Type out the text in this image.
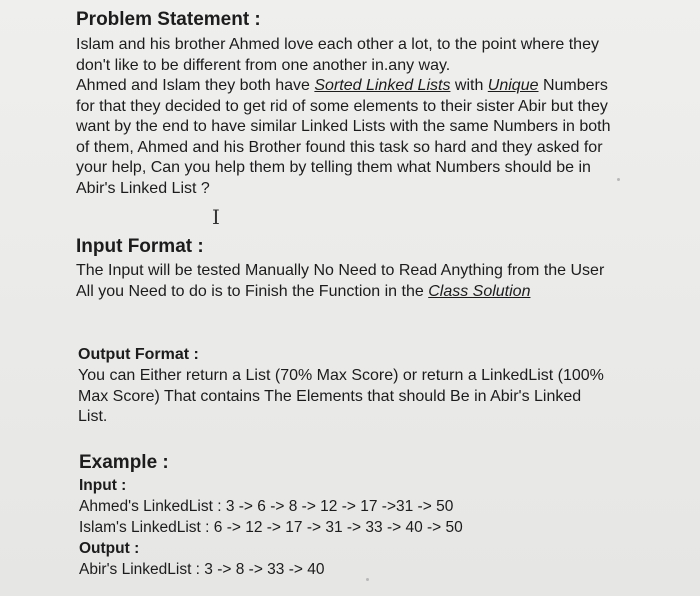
Problem Statement :

Islam and his brother Ahmed love each other a lot, to the point where they

don't like to be different from one another in.any way.

Ahmed and Islam they both have Sorted Linked Lists with Unique Numbers

for that they decided to get rid of some elements to their sister Abir but they

want by the end to have similar Linked Lists with the same Numbers in both

of them, Ahmed and his Brother found this task so hard and they asked for

your help, Can you help them by telling them what Numbers should be in

Abir's Linked List ?

I

Input Format :

The Input will be tested Manually No Need to Read Anything from the User

All you Need to do is to Finish the Function in the Class Solution

Output Format :

You can Either return a List (70% Max Score) or return a LinkedList (100%

Max Score) That contains The Elements that should Be in Abir's Linked

List.

Example :

Input :

Ahmed's LinkedList : 3 -> 6 -> 8 -> 12 -> 17 ->31 -> 50

Islam's LinkedList : 6 -> 12 -> 17 -> 31 -> 33 -> 40 -> 50

Output :

Abir's LinkedList : 3 -> 8 -> 33 -> 40
